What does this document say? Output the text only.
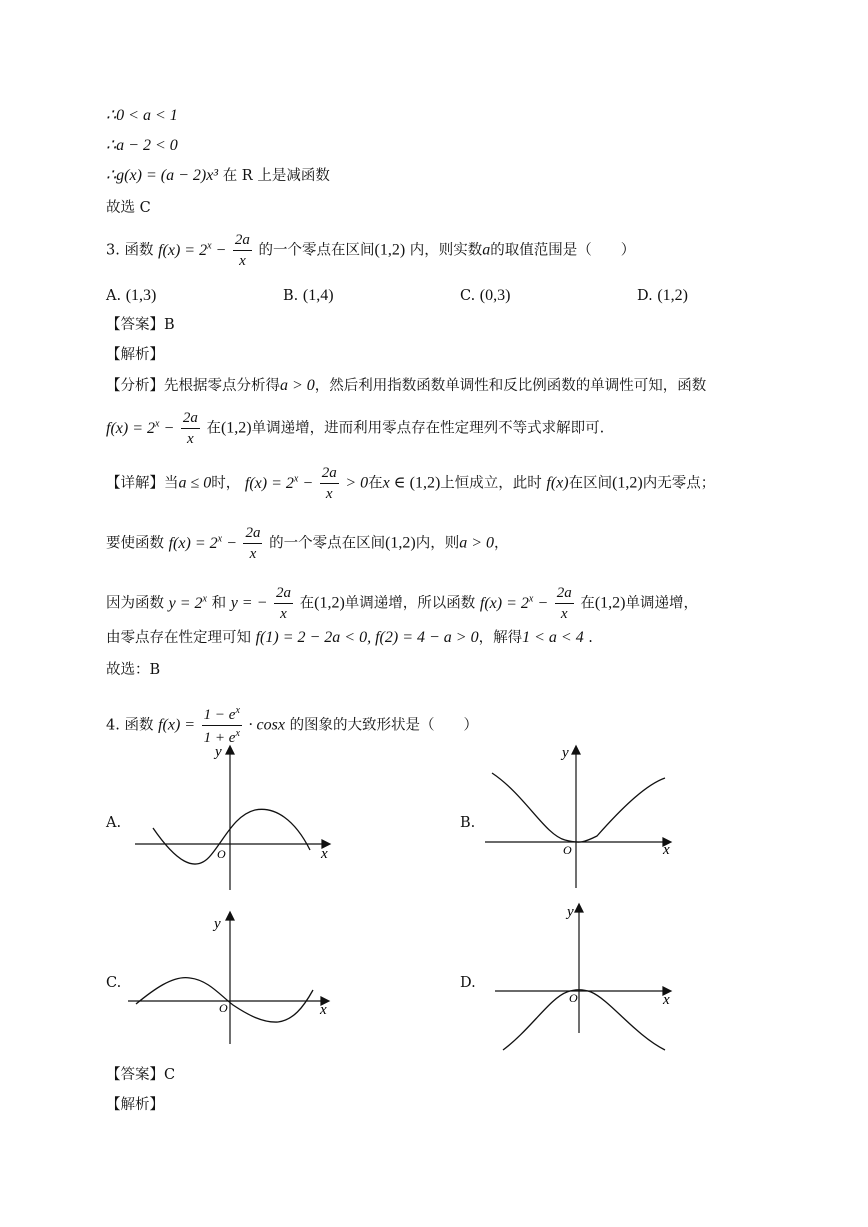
∴0 < a < 1
∴a − 2 < 0
∴g(x) = (a − 2)x³ 在 R 上是减函数
故选 C
3. 函数 $f(x) = 2^x - \frac{2a}{x}$ 的一个零点在区间(1,2) 内，则实数a的取值范围是（　　）
A. (1,3)	B. (1,4)	C. (0,3)	D. (1,2)
【答案】B
【解析】
【分析】先根据零点分析得a > 0，然后利用指数函数单调性和反比例函数的单调性可知，函数
$f(x) = 2^x - \frac{2a}{x}$ 在(1,2)单调递增，进而利用零点存在性定理列不等式求解即可.
【详解】当a ≤ 0时， $f(x) = 2^x - \frac{2a}{x} > 0$在x ∈ (1,2)上恒成立，此时 f(x)在区间(1,2)内无零点；
要使函数 $f(x) = 2^x - \frac{2a}{x}$ 的一个零点在区间(1,2)内，则a > 0，
因为函数 $y = 2^x$ 和 y = − $\frac{2a}{x}$ 在(1,2)单调递增，所以函数 $f(x) = 2^x - \frac{2a}{x}$ 在(1,2)单调递增，
由零点存在性定理可知 f(1) = 2 − 2a < 0, f(2) = 4 − a > 0，解得1 < a < 4 .
故选：B
4. 函数 $f(x) = \frac{1 - e^x}{1 + e^x} \cdot \cos x$ 的图象的大致形状是（　　）
A.
x
y
O
B.
x
y
O
C.
x
y
O
D.
x
y
O
【答案】C
【解析】
